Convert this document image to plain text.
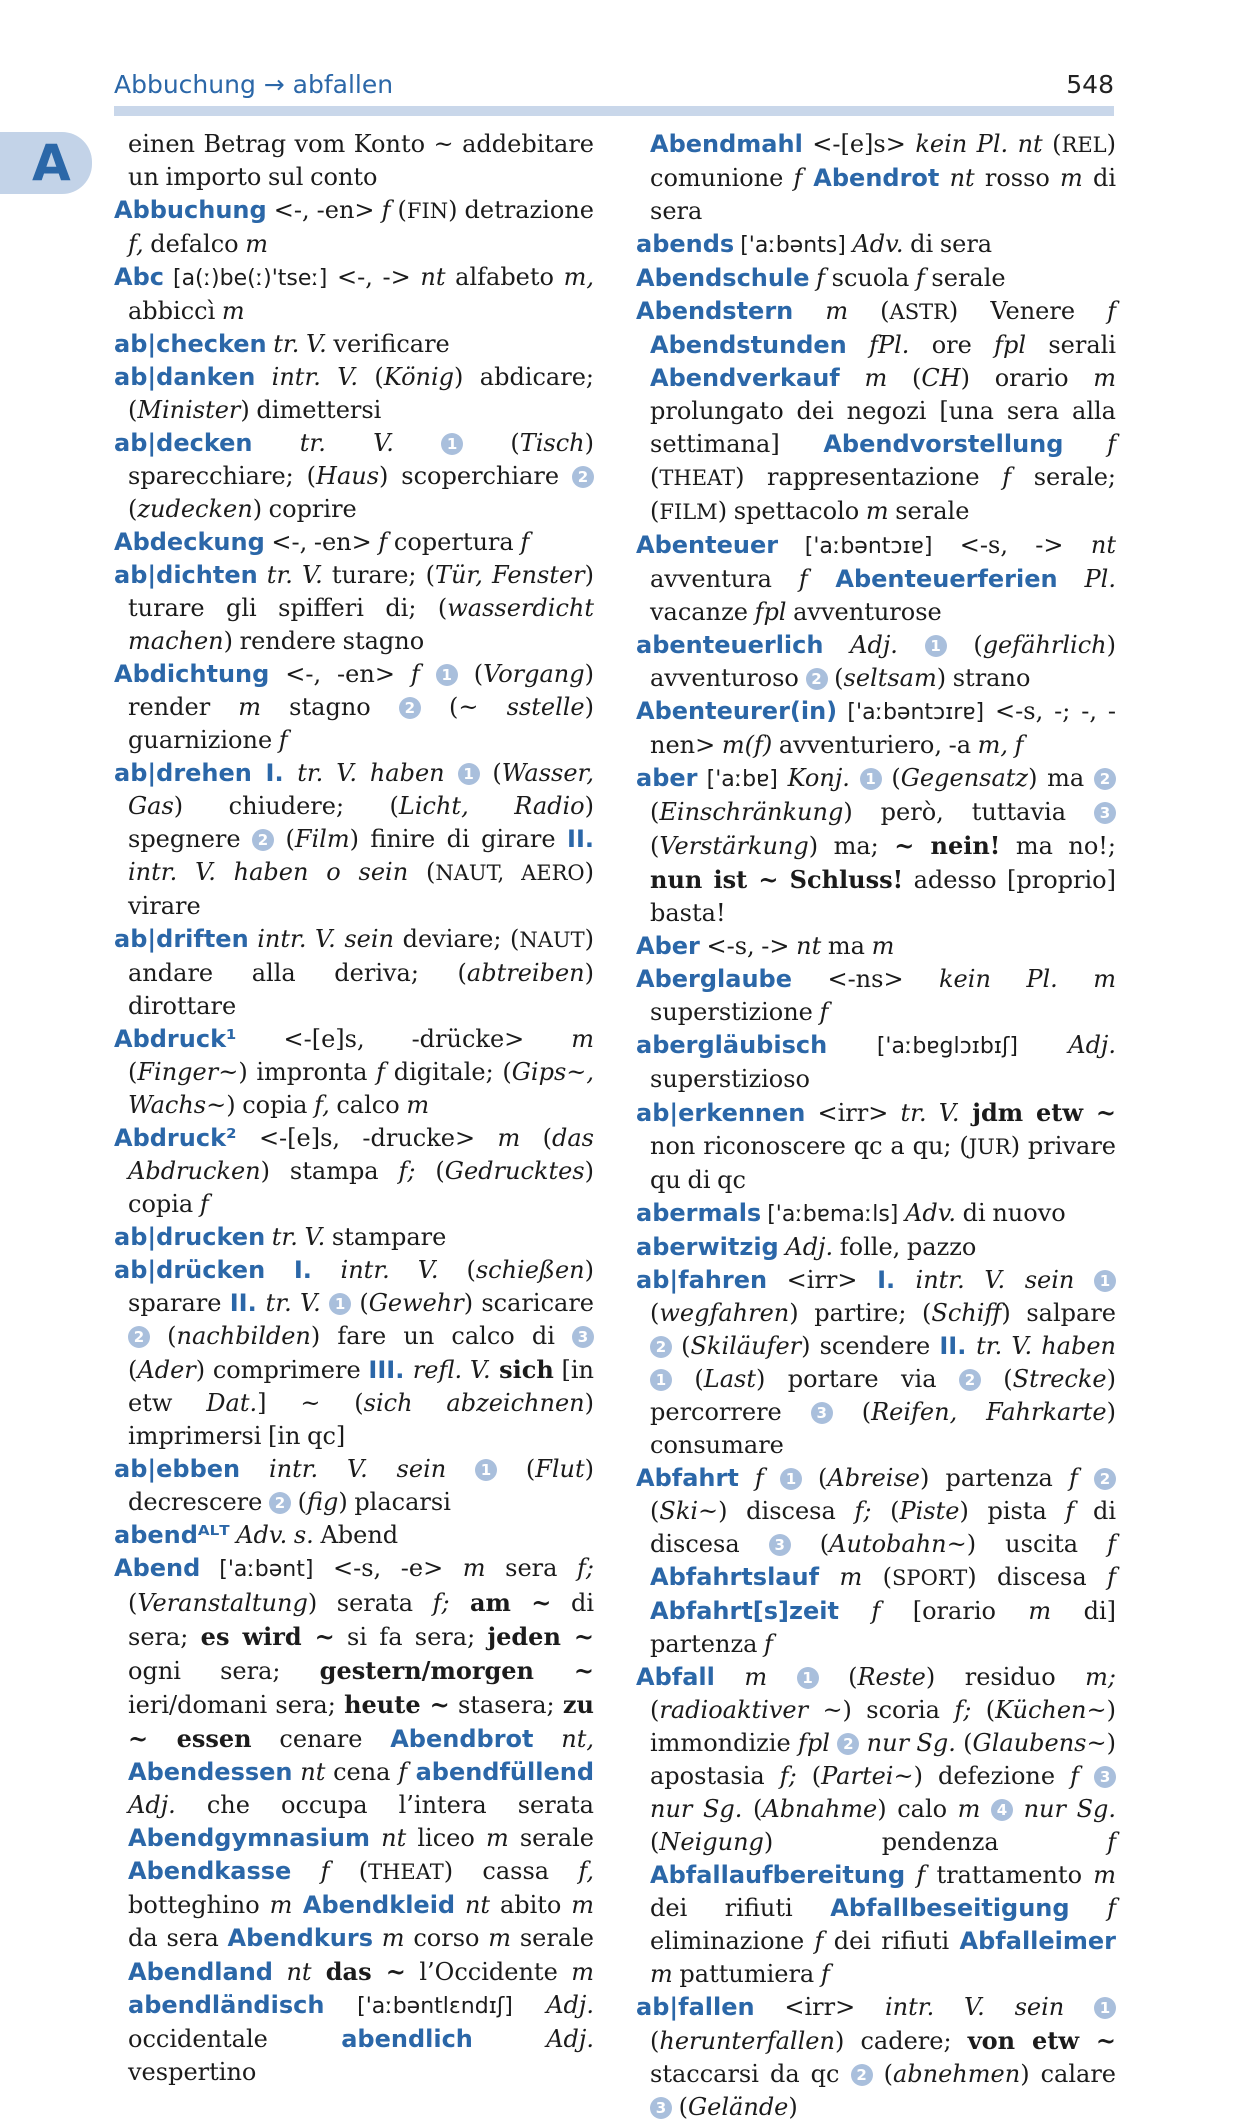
Abbuchung → abfallen	548
A	einen Betrag vom Konto ~ addebitare un importo sul conto

Abbuchung <-, -en> f (FIN) detrazione f, defalco m

Abc [a(ː)be(ː)'tseː] <-, -> nt alfabeto m, abbiccì m

ab|checken tr. V. verificare

ab|danken intr. V. (König) abdicare; (Minister) dimettersi

ab|decken tr. V. 1 (Tisch) sparecchiare; (Haus) scoperchiare 2 (zudecken) coprire

Abdeckung <-, -en> f copertura f

ab|dichten tr. V. turare; (Tür, Fenster) turare gli spifferi di; (wasserdicht machen) rendere stagno

Abdichtung <-, -en> f 1 (Vorgang) render m stagno 2 (~ sstelle) guarnizione f

ab|drehen I. tr. V. haben 1 (Wasser, Gas) chiudere; (Licht, Radio) spegnere 2 (Film) finire di girare II. intr. V. haben o sein (NAUT, AERO) virare

ab|driften intr. V. sein deviare; (NAUT) andare alla deriva; (abtreiben) dirottare

Abdruck¹ <-[e]s, -drücke> m (Finger~) impronta f digitale; (Gips~, Wachs~) copia f, calco m

Abdruck² <-[e]s, -drucke> m (das Abdrucken) stampa f; (Gedrucktes) copia f

ab|drucken tr. V. stampare

ab|drücken I. intr. V. (schießen) sparare II. tr. V. 1 (Gewehr) scaricare 2 (nachbilden) fare un calco di 3 (Ader) comprimere III. refl. V. sich [in etw Dat.] ~ (sich abzeichnen) imprimersi [in qc]

ab|ebben intr. V. sein 1 (Flut) decrescere 2 (fig) placarsi

abendᴬᴸᵀ Adv. s. Abend

Abend ['aːbənt] <-s, -e> m sera f; (Veranstaltung) serata f; am ~ di sera; es wird ~ si fa sera; jeden ~ ogni sera; gestern/morgen ~ ieri/domani sera; heute ~ stasera; zu ~ essen cenare Abendbrot nt, Abendessen nt cena f abendfüllend Adj. che occupa l’intera serata Abendgymnasium nt liceo m serale Abendkasse f (THEAT) cassa f, botteghino m Abendkleid nt abito m da sera Abendkurs m corso m serale Abendland nt das ~ l’Occidente m abendländisch ['aːbəntlɛndɪʃ] Adj. occidentale abendlich Adj. vespertino

Abendmahl <-[e]s> kein Pl. nt (REL) comunione f Abendrot nt rosso m di sera

abends ['aːbənts] Adv. di sera

Abendschule f scuola f serale

Abendstern m (ASTR) Venere f Abendstunden fPl. ore fpl serali Abendverkauf m (CH) orario m prolungato dei negozi [una sera alla settimana] Abendvorstellung f (THEAT) rappresentazione f serale; (FILM) spettacolo m serale

Abenteuer ['aːbəntɔɪɐ] <-s, -> nt avventura f Abenteuerferien Pl. vacanze fpl avventurose

abenteuerlich Adj. 1 (gefährlich) avventuroso 2 (seltsam) strano

Abenteurer(in) ['aːbəntɔɪrɐ] <-s, -; -, -nen> m(f) avventuriero, -a m, f

aber ['aːbɐ] Konj. 1 (Gegensatz) ma 2 (Einschränkung) però, tuttavia 3 (Verstärkung) ma; ~ nein! ma no!; nun ist ~ Schluss! adesso [proprio] basta!

Aber <-s, -> nt ma m

Aberglaube <-ns> kein Pl. m superstizione f

abergläubisch ['aːbɐglɔɪbɪʃ] Adj. superstizioso

ab|erkennen <irr> tr. V. jdm etw ~ non riconoscere qc a qu; (JUR) privare qu di qc

abermals ['aːbɐmaːls] Adv. di nuovo

aberwitzig Adj. folle, pazzo

ab|fahren <irr> I. intr. V. sein 1 (wegfahren) partire; (Schiff) salpare 2 (Skiläufer) scendere II. tr. V. haben 1 (Last) portare via 2 (Strecke) percorrere 3 (Reifen, Fahrkarte) consumare

Abfahrt f 1 (Abreise) partenza f 2 (Ski~) discesa f; (Piste) pista f di discesa 3 (Autobahn~) uscita f Abfahrtslauf m (SPORT) discesa f Abfahrt[s]zeit f [orario m di] partenza f

Abfall m 1 (Reste) residuo m; (radioaktiver ~) scoria f; (Küchen~) immondizie fpl 2 nur Sg. (Glaubens~) apostasia f; (Partei~) defezione f 3 nur Sg. (Abnahme) calo m 4 nur Sg. (Neigung) pendenza f Abfallaufbereitung f trattamento m dei rifiuti Abfallbeseitigung f eliminazione f dei rifiuti Abfalleimer m pattumiera f

ab|fallen <irr> intr. V. sein 1 (herunterfallen) cadere; von etw ~ staccarsi da qc 2 (abnehmen) calare 3 (Gelände)
